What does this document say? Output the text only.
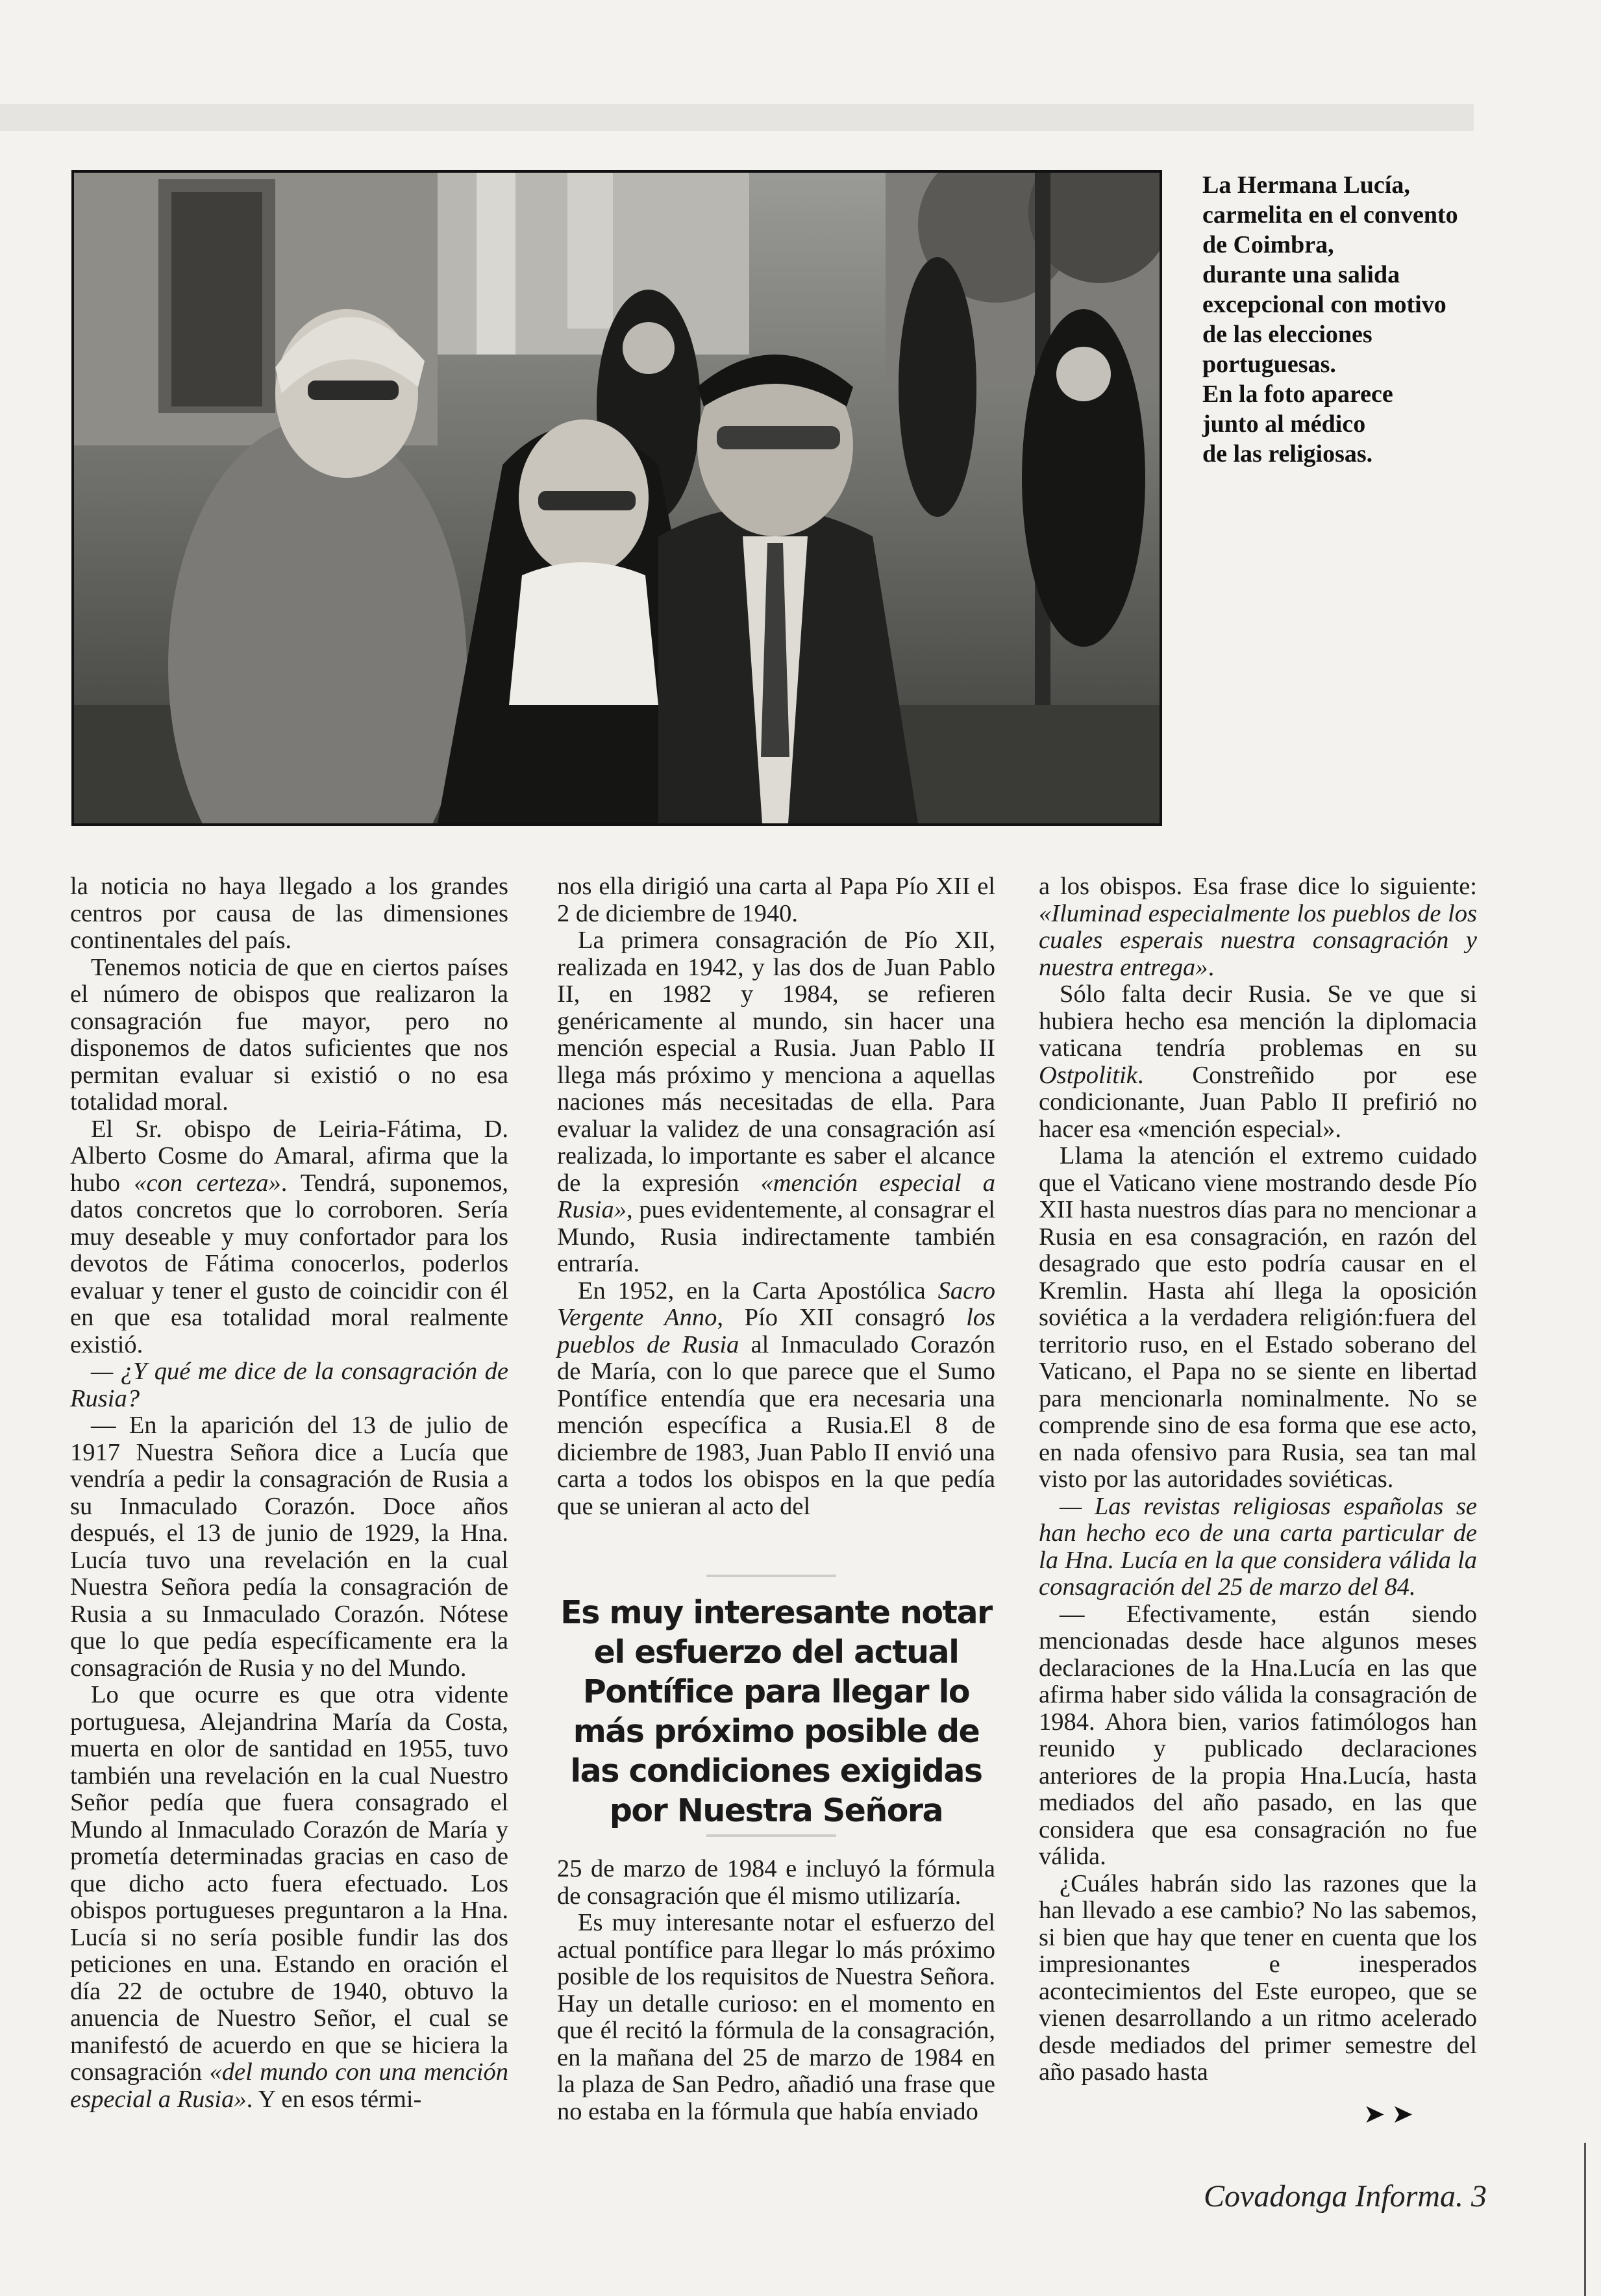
La Hermana Lucía,
carmelita en el convento
de Coimbra,
durante una salida
excepcional con motivo
de las elecciones
portuguesas.
En la foto aparece
junto al médico
de las religiosas.

la noticia no haya llegado a los grandes centros por causa de las dimensiones continentales del país.

Tenemos noticia de que en ciertos países el número de obispos que realizaron la consagración fue mayor, pero no disponemos de datos suficientes que nos permitan evaluar si existió o no esa totalidad moral.

El Sr. obispo de Leiria-Fátima, D. Alberto Cosme do Amaral, afirma que la hubo «con certeza». Tendrá, suponemos, datos concretos que lo corroboren. Sería muy deseable y muy confortador para los devotos de Fátima conocerlos, poderlos evaluar y tener el gusto de coincidir con él en que esa totalidad moral realmente existió.

— ¿Y qué me dice de la consagración de Rusia?

— En la aparición del 13 de julio de 1917 Nuestra Señora dice a Lucía que vendría a pedir la consagración de Rusia a su Inmaculado Corazón. Doce años después, el 13 de junio de 1929, la Hna. Lucía tuvo una revelación en la cual Nuestra Señora pedía la consagración de Rusia a su Inmaculado Corazón. Nótese que lo que pedía específicamente era la consagración de Rusia y no del Mundo.

Lo que ocurre es que otra vidente portuguesa, Alejandrina María da Costa, muerta en olor de santidad en 1955, tuvo también una revelación en la cual Nuestro Señor pedía que fuera consagrado el Mundo al Inmaculado Corazón de María y prometía determinadas gracias en caso de que dicho acto fuera efectuado. Los obispos portugueses preguntaron a la Hna. Lucía si no sería posible fundir las dos peticiones en una. Estando en oración el día 22 de octubre de 1940, obtuvo la anuencia de Nuestro Señor, el cual se manifestó de acuerdo en que se hiciera la consagración «del mundo con una mención especial a Rusia». Y en esos térmi-

nos ella dirigió una carta al Papa Pío XII el 2 de diciembre de 1940.

La primera consagración de Pío XII, realizada en 1942, y las dos de Juan Pablo II, en 1982 y 1984, se refieren genéricamente al mundo, sin hacer una mención especial a Rusia. Juan Pablo II llega más próximo y menciona a aquellas naciones más necesitadas de ella. Para evaluar la validez de una consagración así realizada, lo importante es saber el alcance de la expresión «mención especial a Rusia», pues evidentemente, al consagrar el Mundo, Rusia indirectamente también entraría.

En 1952, en la Carta Apostólica Sacro Vergente Anno, Pío XII consagró los pueblos de Rusia al Inmaculado Corazón de María, con lo que parece que el Sumo Pontífice entendía que era necesaria una mención específica a Rusia.El 8 de diciembre de 1983, Juan Pablo II envió una carta a todos los obispos en la que pedía que se unieran al acto del

Es muy interesante notar el esfuerzo del actual Pontífice para llegar lo más próximo posible de las condiciones exigidas por Nuestra Señora

25 de marzo de 1984 e incluyó la fórmula de consagración que él mismo utilizaría.

Es muy interesante notar el esfuerzo del actual pontífice para llegar lo más próximo posible de los requisitos de Nuestra Señora. Hay un detalle curioso: en el momento en que él recitó la fórmula de la consagración, en la mañana del 25 de marzo de 1984 en la plaza de San Pedro, añadió una frase que no estaba en la fórmula que había enviado

a los obispos. Esa frase dice lo siguiente: «Iluminad especialmente los pueblos de los cuales esperais nuestra consagración y nuestra entrega».

Sólo falta decir Rusia. Se ve que si hubiera hecho esa mención la diplomacia vaticana tendría problemas en su Ostpolitik. Constreñido por ese condicionante, Juan Pablo II prefirió no hacer esa «mención especial».

Llama la atención el extremo cuidado que el Vaticano viene mostrando desde Pío XII hasta nuestros días para no mencionar a Rusia en esa consagración, en razón del desagrado que esto podría causar en el Kremlin. Hasta ahí llega la oposición soviética a la verdadera religión:fuera del territorio ruso, en el Estado soberano del Vaticano, el Papa no se siente en libertad para mencionarla nominalmente. No se comprende sino de esa forma que ese acto, en nada ofensivo para Rusia, sea tan mal visto por las autoridades soviéticas.

— Las revistas religiosas españolas se han hecho eco de una carta particular de la Hna. Lucía en la que considera válida la consagración del 25 de marzo del 84.

— Efectivamente, están siendo mencionadas desde hace algunos meses declaraciones de la Hna.Lucía en las que afirma haber sido válida la consagración de 1984. Ahora bien, varios fatimólogos han reunido y publicado declaraciones anteriores de la propia Hna.Lucía, hasta mediados del año pasado, en las que considera que esa consagración no fue válida.

¿Cuáles habrán sido las razones que la han llevado a ese cambio? No las sabemos, si bien que hay que tener en cuenta que los impresionantes e inesperados acontecimientos del Este europeo, que se vienen desarrollando a un ritmo acelerado desde mediados del primer semestre del año pasado hasta

➤ ➤
Covadonga Informa. 3
